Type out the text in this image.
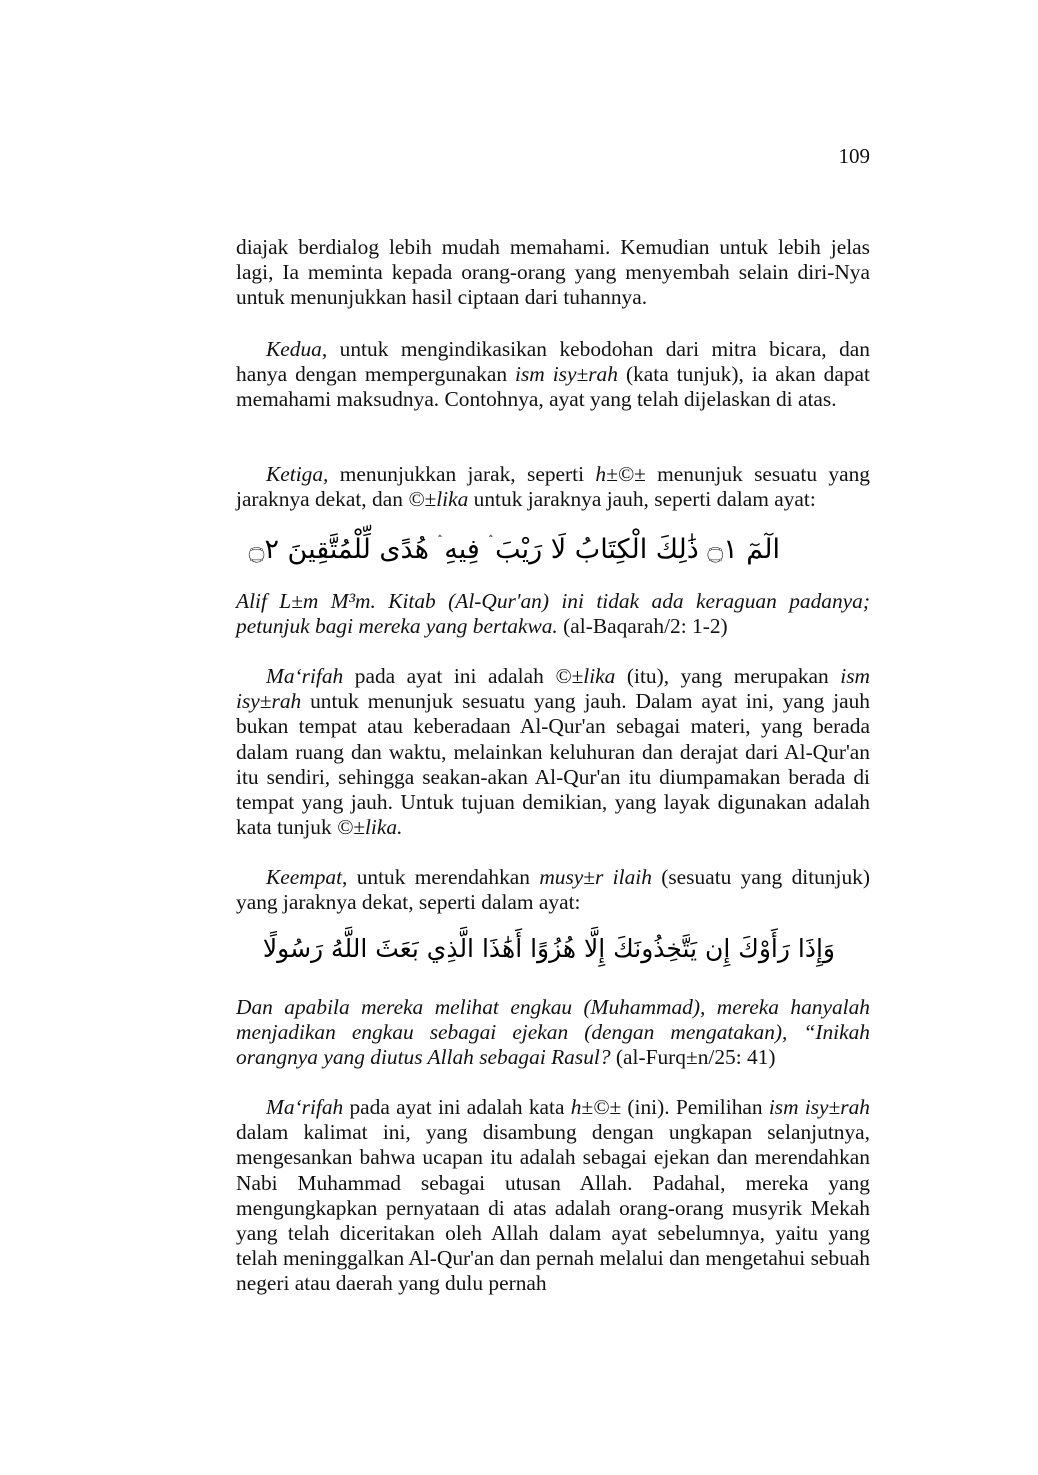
109

diajak berdialog lebih mudah memahami. Kemudian untuk lebih jelas lagi, Ia meminta kepada orang-orang yang menyembah selain diri-Nya untuk menunjukkan hasil ciptaan dari tuhannya.

Kedua, untuk mengindikasikan kebodohan dari mitra bicara, dan hanya dengan mempergunakan ism isy±rah (kata tunjuk), ia akan dapat memahami maksudnya. Contohnya, ayat yang telah dijelaskan di atas.

Ketiga, menunjukkan jarak, seperti h±©± menunjuk sesuatu yang jaraknya dekat, dan ©±lika untuk jaraknya jauh, seperti dalam ayat:

الٓمٓ ۝١ ذَٰلِكَ الْكِتَابُ لَا رَيْبَ ۛ فِيهِ ۛ هُدًى لِّلْمُتَّقِينَ ۝٢

Alif L±m M³m. Kitab (Al-Qur'an) ini tidak ada keraguan padanya; petunjuk bagi mereka yang bertakwa. (al-Baqarah/2: 1-2)

Ma‘rifah pada ayat ini adalah ©±lika (itu), yang merupakan ism isy±rah untuk menunjuk sesuatu yang jauh. Dalam ayat ini, yang jauh bukan tempat atau keberadaan Al-Qur'an sebagai materi, yang berada dalam ruang dan waktu, melainkan keluhuran dan derajat dari Al-Qur'an itu sendiri, sehingga seakan-akan Al-Qur'an itu diumpamakan berada di tempat yang jauh. Untuk tujuan demikian, yang layak digunakan adalah kata tunjuk ©±lika.

Keempat, untuk merendahkan musy±r ilaih (sesuatu yang ditunjuk) yang jaraknya dekat, seperti dalam ayat:

وَإِذَا رَأَوْكَ إِن يَتَّخِذُونَكَ إِلَّا هُزُوًا أَهَٰذَا الَّذِي بَعَثَ اللَّهُ رَسُولًا

Dan apabila mereka melihat engkau (Muhammad), mereka hanyalah menjadikan engkau sebagai ejekan (dengan mengatakan), “Inikah orangnya yang diutus Allah sebagai Rasul? (al-Furq±n/25: 41)

Ma‘rifah pada ayat ini adalah kata h±©± (ini). Pemilihan ism isy±rah dalam kalimat ini, yang disambung dengan ungkapan selanjutnya, mengesankan bahwa ucapan itu adalah sebagai ejekan dan merendahkan Nabi Muhammad sebagai utusan Allah. Padahal, mereka yang mengungkapkan pernyataan di atas adalah orang-orang musyrik Mekah yang telah diceritakan oleh Allah dalam ayat sebelumnya, yaitu yang telah meninggalkan Al-Qur'an dan pernah melalui dan mengetahui sebuah negeri atau daerah yang dulu pernah
